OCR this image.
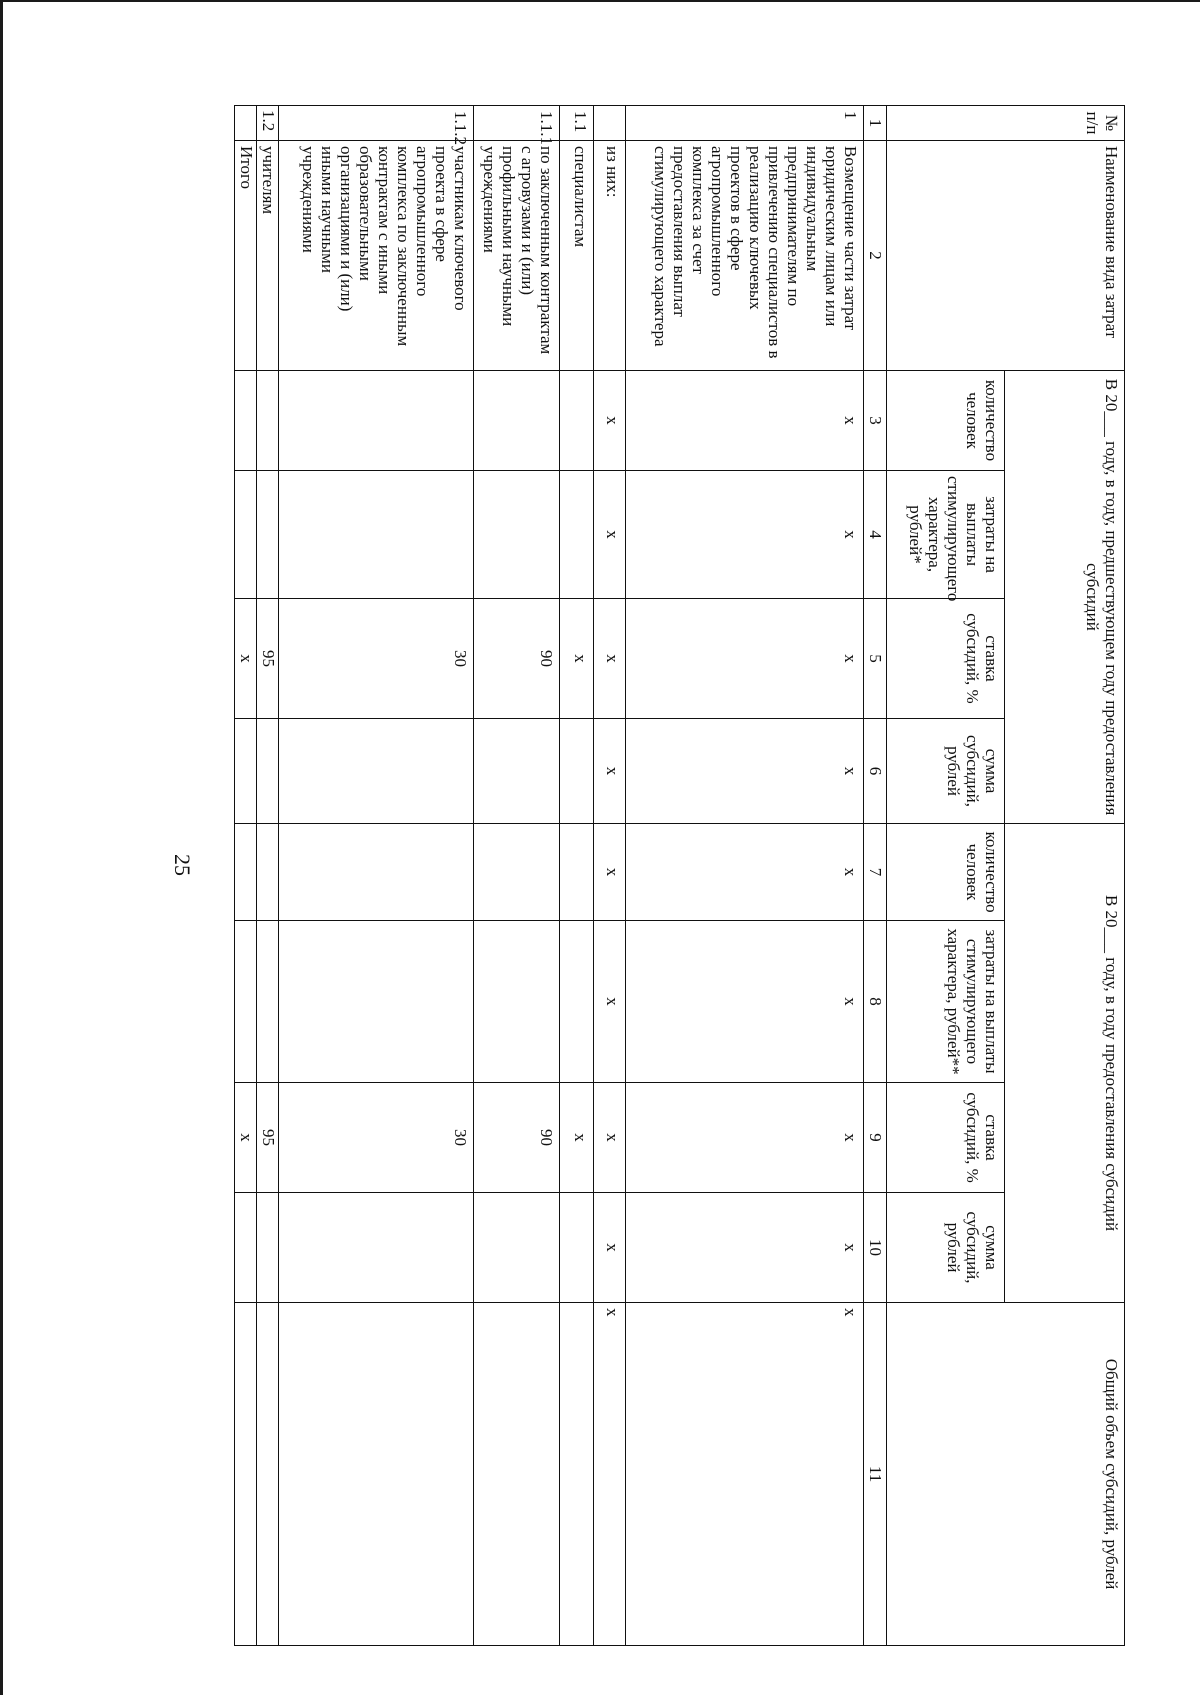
№ п/п	Наименование вида затрат	В 20___ году, в году, предшествующем году предоставления субсидий				В 20___ году, в году предоставления субсидий				Общий объем субсидий, рублей
		количество человек	затраты на выплаты стимулирующего характера, рублей*	ставка субсидий, %	сумма субсидий, рублей	количество человек	затраты на выплаты стимулирующего характера, рублей**	ставка субсидий, %	сумма субсидий, рублей	
1	2	3	4	5	6	7	8	9	10	11
1	Возмещение части затрат юридическим лицам или индивидуальным предпринимателям по привлечению специалистов в реализацию ключевых проектов в сфере агропромышленного комплекса за счет предоставления выплат стимулирующего характера	x	x	x	x	x	x	x	x	x
	из них:	x	x	x	x	x	x	x	x	x
1.1	специалистам			x				x		
1.1.1	по заключенным контрактам с агровузами и (или) профильными научными учреждениями			90				90		
1.1.2	участникам ключевого проекта в сфере агропромышленного комплекса по заключенным контрактам с иными образовательными организациями и (или) иными научными учреждениями			30				30		
1.2	учителям			95				95		
	Итого			x				x		
25
